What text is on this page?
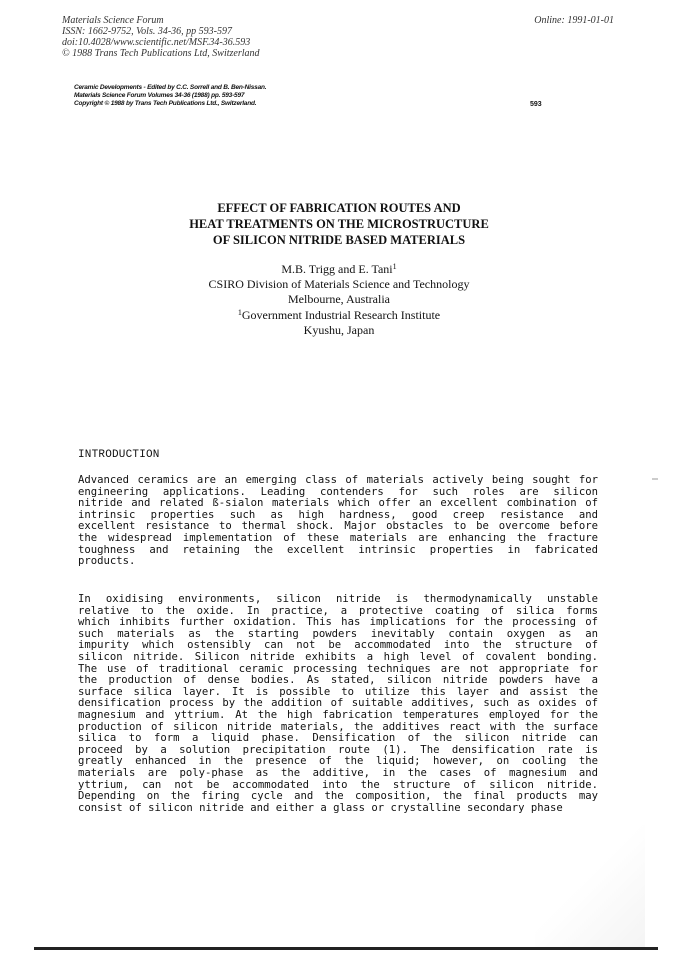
Materials Science Forum
ISSN: 1662-9752, Vols. 34-36, pp 593-597
doi:10.4028/www.scientific.net/MSF.34-36.593
© 1988 Trans Tech Publications Ltd, Switzerland
Online: 1991-01-01
Ceramic Developments - Edited by C.C. Sorrell and B. Ben-Nissan.
Materials Science Forum Volumes 34-36 (1988) pp. 593-597
Copyright © 1988 by Trans Tech Publications Ltd., Switzerland.	593
EFFECT OF FABRICATION ROUTES AND
HEAT TREATMENTS ON THE MICROSTRUCTURE
OF SILICON NITRIDE BASED MATERIALS
M.B. Trigg and E. Tani$^1$
CSIRO Division of Materials Science and Technology
Melbourne, Australia
$^1$Government Industrial Research Institute
Kyushu, Japan
INTRODUCTION
Advanced ceramics are an emerging class of materials actively being sought for
engineering applications. Leading contenders for such roles are silicon
nitride and related ß-sialon materials which offer an excellent combination of
intrinsic properties such as high hardness, good creep resistance and
excellent resistance to thermal shock. Major obstacles to be overcome before
the widespread implementation of these materials are enhancing the fracture
toughness and retaining the excellent intrinsic properties in fabricated
products.
In oxidising environments, silicon nitride is thermodynamically unstable
relative to the oxide. In practice, a protective coating of silica forms
which inhibits further oxidation. This has implications for the processing of
such materials as the starting powders inevitably contain oxygen as an
impurity which ostensibly can not be accommodated into the structure of
silicon nitride. Silicon nitride exhibits a high level of covalent bonding.
The use of traditional ceramic processing techniques are not appropriate for
the production of dense bodies. As stated, silicon nitride powders have a
surface silica layer. It is possible to utilize this layer and assist the
densification process by the addition of suitable additives, such as oxides of
magnesium and yttrium. At the high fabrication temperatures employed for the
production of silicon nitride materials, the additives react with the surface
silica to form a liquid phase. Densification of the silicon nitride can
proceed by a solution precipitation route (1). The densification rate is
greatly enhanced in the presence of the liquid; however, on cooling the
materials are poly-phase as the additive, in the cases of magnesium and
yttrium, can not be accommodated into the structure of silicon nitride.
Depending on the firing cycle and the composition, the final products may
consist of silicon nitride and either a glass or crystalline secondary phase
